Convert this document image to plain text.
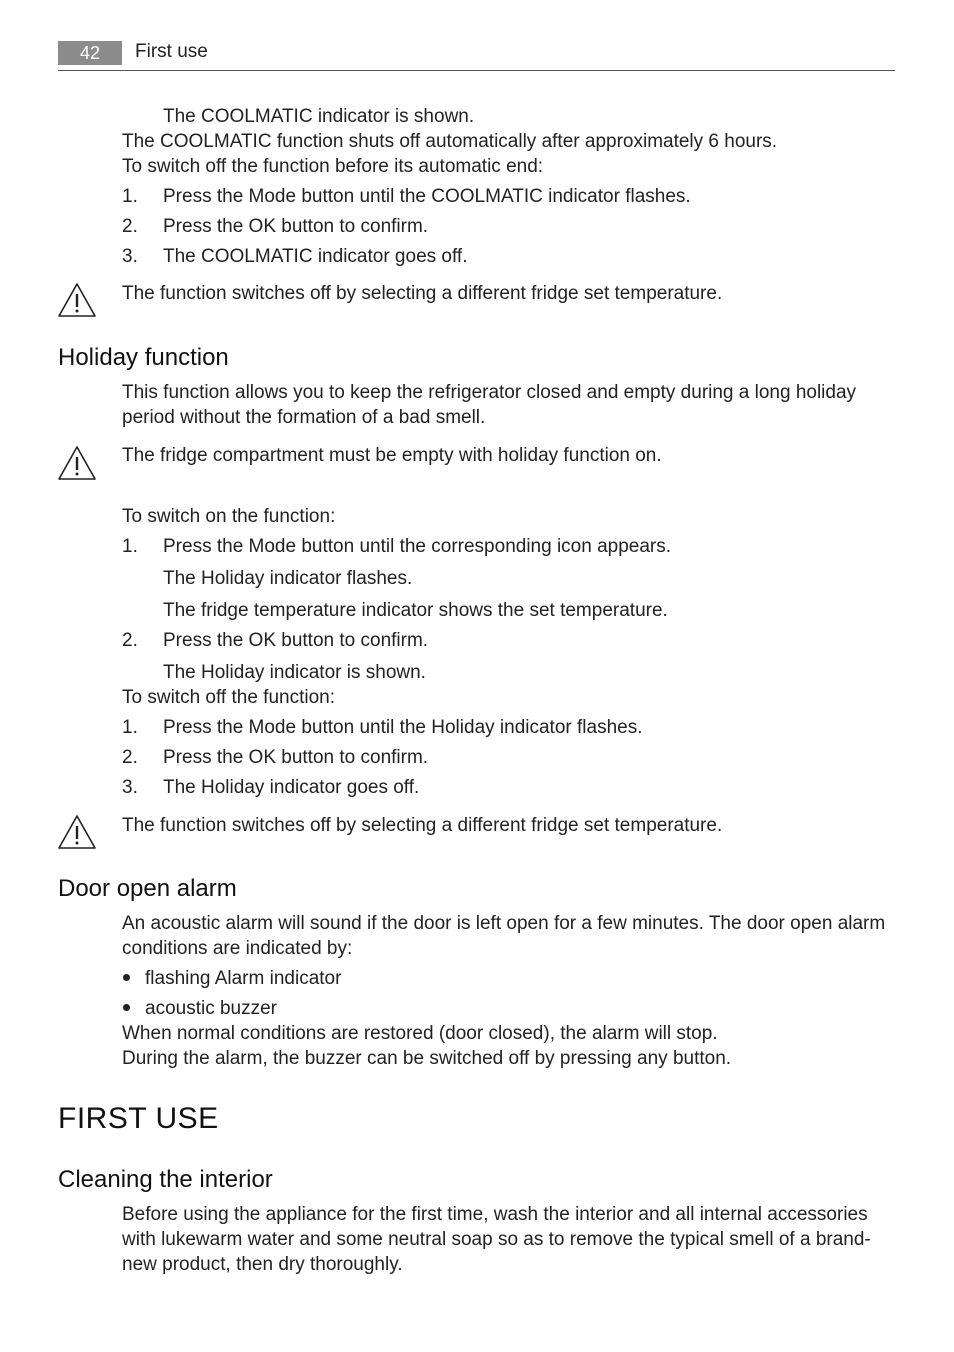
42	First use
The COOLMATIC indicator is shown.
The COOLMATIC function shuts off automatically after approximately 6 hours.
To switch off the function before its automatic end:
1. Press the Mode button until the COOLMATIC indicator flashes.
2. Press the OK button to confirm.
3. The COOLMATIC indicator goes off.
The function switches off by selecting a different fridge set temperature.
Holiday function
This function allows you to keep the refrigerator closed and empty during a long holiday period without the formation of a bad smell.
The fridge compartment must be empty with holiday function on.
To switch on the function:
1. Press the Mode button until the corresponding icon appears.
The Holiday indicator flashes.
The fridge temperature indicator shows the set temperature.
2. Press the OK button to confirm.
The Holiday indicator is shown.
To switch off the function:
1. Press the Mode button until the Holiday indicator flashes.
2. Press the OK button to confirm.
3. The Holiday indicator goes off.
The function switches off by selecting a different fridge set temperature.
Door open alarm
An acoustic alarm will sound if the door is left open for a few minutes. The door open alarm conditions are indicated by:
flashing Alarm indicator
acoustic buzzer
When normal conditions are restored (door closed), the alarm will stop.
During the alarm, the buzzer can be switched off by pressing any button.
FIRST USE
Cleaning the interior
Before using the appliance for the first time, wash the interior and all internal accessories with lukewarm water and some neutral soap so as to remove the typical smell of a brand-new product, then dry thoroughly.
